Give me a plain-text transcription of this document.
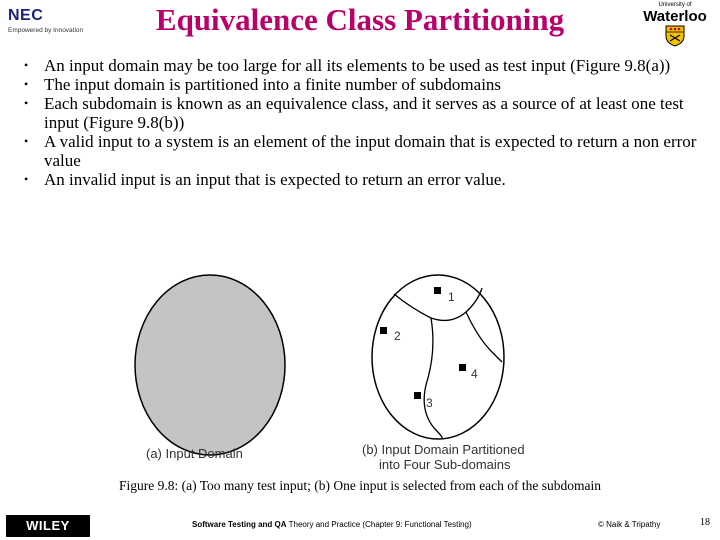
NEC
Empowered by Innovation	Equivalence Class Partitioning	University of
Waterloo
• An input domain may be too large for all its elements to be used as test input (Figure 9.8(a))
• The input domain is partitioned into a finite number of subdomains
• Each subdomain is known as an equivalence class, and it serves as a source of at least one test input (Figure 9.8(b))
• A valid input to a system is an element of the input domain that is expected to return a non error value
• An invalid input is an input that is expected to return an error value.
(a) Input Domain
1
2
3
4
(b) Input Domain Partitioned
into Four Sub-domains
Figure 9.8: (a) Too many test input; (b) One input is selected from each of the subdomain
WILEY	Software Testing and QA Theory and Practice (Chapter 9: Functional Testing)	© Naik & Tripathy	18
